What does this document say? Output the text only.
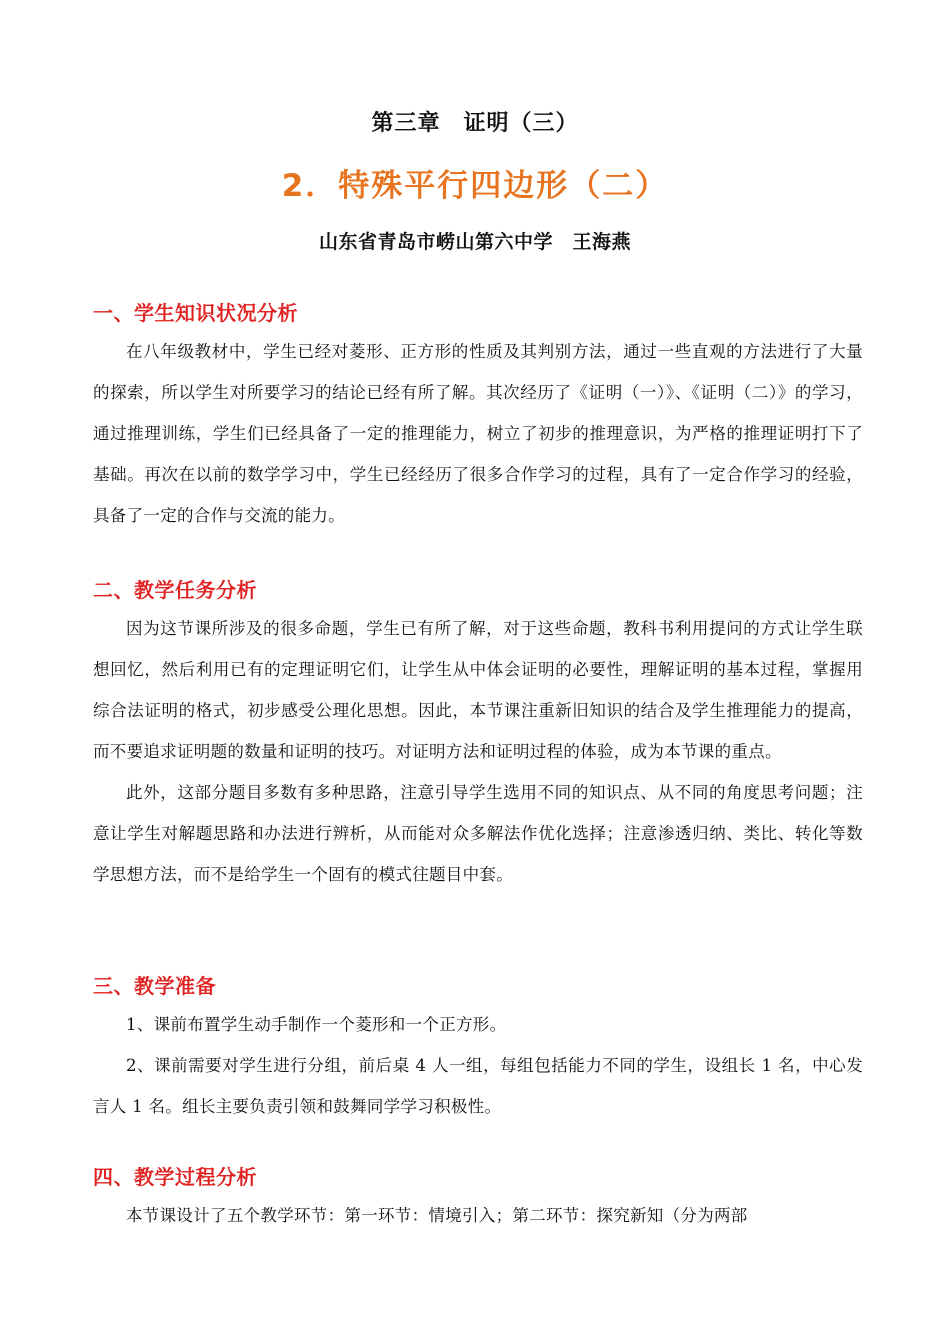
第三章　证明（三）
2．特殊平行四边形（二）
山东省青岛市崂山第六中学　王海燕
一、学生知识状况分析

在八年级教材中，学生已经对菱形、正方形的性质及其判别方法，通过一些直观的方法进行了大量的探索，所以学生对所要学习的结论已经有所了解。其次经历了《证明（一）》、《证明（二）》的学习，通过推理训练，学生们已经具备了一定的推理能力，树立了初步的推理意识，为严格的推理证明打下了基础。再次在以前的数学学习中，学生已经经历了很多合作学习的过程，具有了一定合作学习的经验，具备了一定的合作与交流的能力。

二、教学任务分析

因为这节课所涉及的很多命题，学生已有所了解，对于这些命题，教科书利用提问的方式让学生联想回忆，然后利用已有的定理证明它们，让学生从中体会证明的必要性，理解证明的基本过程，掌握用综合法证明的格式，初步感受公理化思想。因此，本节课注重新旧知识的结合及学生推理能力的提高，而不要追求证明题的数量和证明的技巧。对证明方法和证明过程的体验，成为本节课的重点。

此外，这部分题目多数有多种思路，注意引导学生选用不同的知识点、从不同的角度思考问题；注意让学生对解题思路和办法进行辨析，从而能对众多解法作优化选择；注意渗透归纳、类比、转化等数学思想方法，而不是给学生一个固有的模式往题目中套。

三、教学准备

1、课前布置学生动手制作一个菱形和一个正方形。

2、课前需要对学生进行分组，前后桌 4 人一组，每组包括能力不同的学生，设组长 1 名，中心发言人 1 名。组长主要负责引领和鼓舞同学学习积极性。

四、教学过程分析

本节课设计了五个教学环节：第一环节：情境引入；第二环节：探究新知（分为两部
